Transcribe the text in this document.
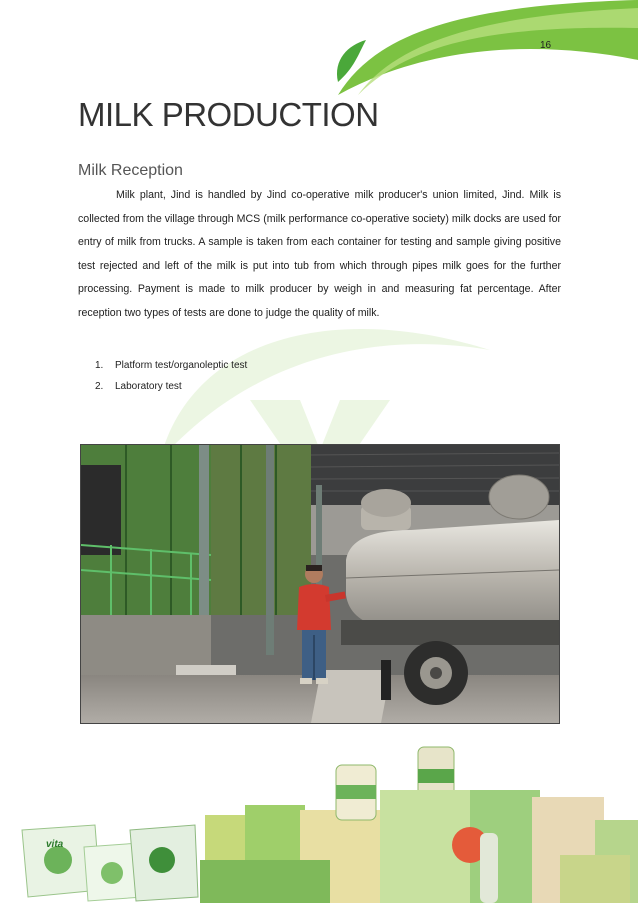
16
MILK PRODUCTION
Milk Reception

Milk plant, Jind is handled by Jind co-operative milk producer's union limited, Jind. Milk is collected from the village through MCS (milk performance co-operative society) milk docks are used for entry of milk from trucks. A sample is taken from each container for testing and sample giving positive test rejected and left of the milk is put into tub from which through pipes milk goes for the further processing. Payment is made to milk producer by weigh in and measuring fat percentage. After reception two types of tests are done to judge the quality of milk.

1. Platform test/organoleptic test
2. Laboratory test
vita
